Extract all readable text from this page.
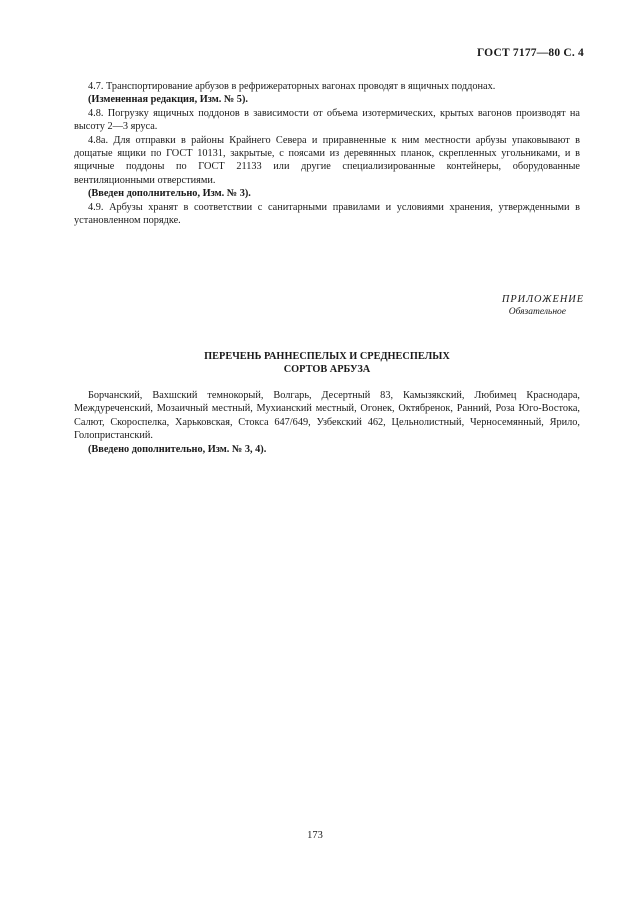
ГОСТ 7177—80 С. 4

4.7. Транспортирование арбузов в рефрижераторных вагонах проводят в ящичных поддонах.

(Измененная редакция, Изм. № 5).

4.8. Погрузку ящичных поддонов в зависимости от объема изотермических, крытых вагонов производят на высоту 2—3 яруса.

4.8а. Для отправки в районы Крайнего Севера и приравненные к ним местности арбузы упаковывают в дощатые ящики по ГОСТ 10131, закрытые, с поясами из деревянных планок, скрепленных угольниками, и в ящичные поддоны по ГОСТ 21133 или другие специализированные контейнеры, оборудованные вентиляционными отверстиями.

(Введен дополнительно, Изм. № 3).

4.9. Арбузы хранят в соответствии с санитарными правилами и условиями хранения, утвержденными в установленном порядке.

ПРИЛОЖЕНИЕ
Обязательное
ПЕРЕЧЕНЬ РАННЕСПЕЛЫХ И СРЕДНЕСПЕЛЫХ
СОРТОВ АРБУЗА

Борчанский, Вахшский темнокорый, Волгарь, Десертный 83, Камызякский, Любимец Краснодара, Междуреченский, Мозаичный местный, Мухианский местный, Огонек, Октябренок, Ранний, Роза Юго-Востока, Салют, Скороспелка, Харьковская, Стокса 647/649, Узбекский 462, Цельнолистный, Черносемянный, Ярило, Голопристанский.

(Введено дополнительно, Изм. № 3, 4).

173
